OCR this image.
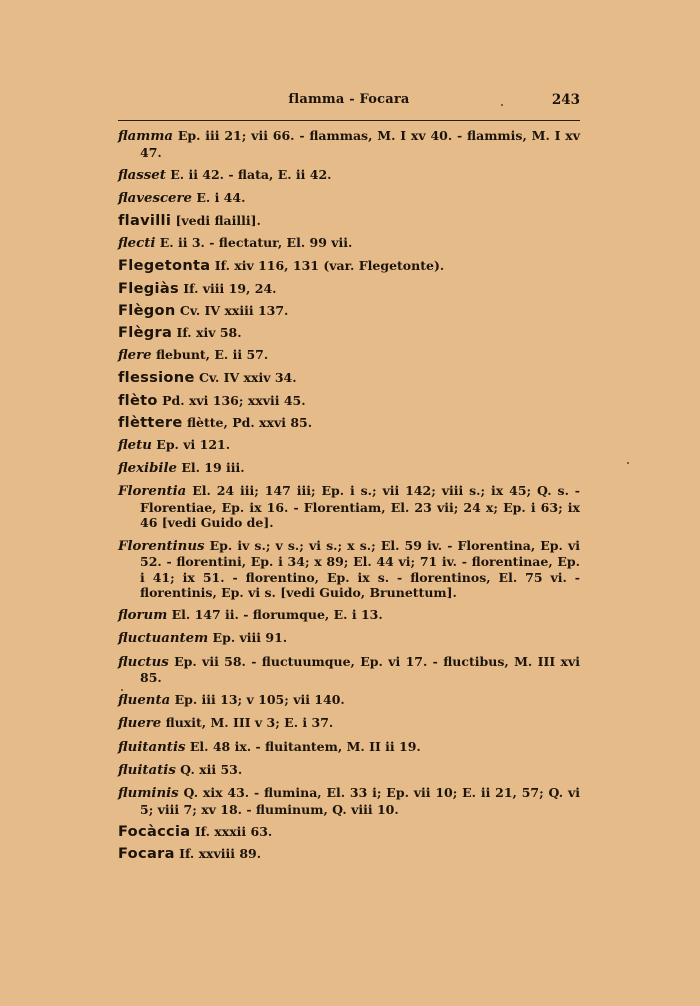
flamma - Focara	243

flamma Ep. iii 21; vii 66. - flammas, M. I xv 40. - flammis, M. I xv 47.

flasset E. ii 42. - flata, E. ii 42.

flavescere E. i 44.

flavilli [vedi flailli].

flecti E. ii 3. - flectatur, El. 99 vii.

Flegetonta If. xiv 116, 131 (var. Flegetonte).

Flegiàs If. viii 19, 24.

Flègon Cv. IV xxiii 137.

Flègra If. xiv 58.

flere flebunt, E. ii 57.

flessione Cv. IV xxiv 34.

flèto Pd. xvi 136; xxvii 45.

flèttere flètte, Pd. xxvi 85.

fletu Ep. vi 121.

flexibile El. 19 iii.

Florentia El. 24 iii; 147 iii; Ep. i s.; vii 142; viii s.; ix 45; Q. s. - Florentiae, Ep. ix 16. - Florentiam, El. 23 vii; 24 x; Ep. i 63; ix 46 [vedi Guido de].

Florentinus Ep. iv s.; v s.; vi s.; x s.; El. 59 iv. - Florentina, Ep. vi 52. - florentini, Ep. i 34; x 89; El. 44 vi; 71 iv. - florentinae, Ep. i 41; ix 51. - florentino, Ep. ix s. - florentinos, El. 75 vi. - florentinis, Ep. vi s. [vedi Guido, Brunettum].

florum El. 147 ii. - florumque, E. i 13.

fluctuantem Ep. viii 91.

fluctus Ep. vii 58. - fluctuumque, Ep. vi 17. - fluctibus, M. III xvi 85.

fluenta Ep. iii 13; v 105; vii 140.

fluere fluxit, M. III v 3; E. i 37.

fluitantis El. 48 ix. - fluitantem, M. II ii 19.

fluitatis Q. xii 53.

fluminis Q. xix 43. - flumina, El. 33 i; Ep. vii 10; E. ii 21, 57; Q. vi 5; viii 7; xv 18. - fluminum, Q. viii 10.

Focàccia If. xxxii 63.

Focara If. xxviii 89.
